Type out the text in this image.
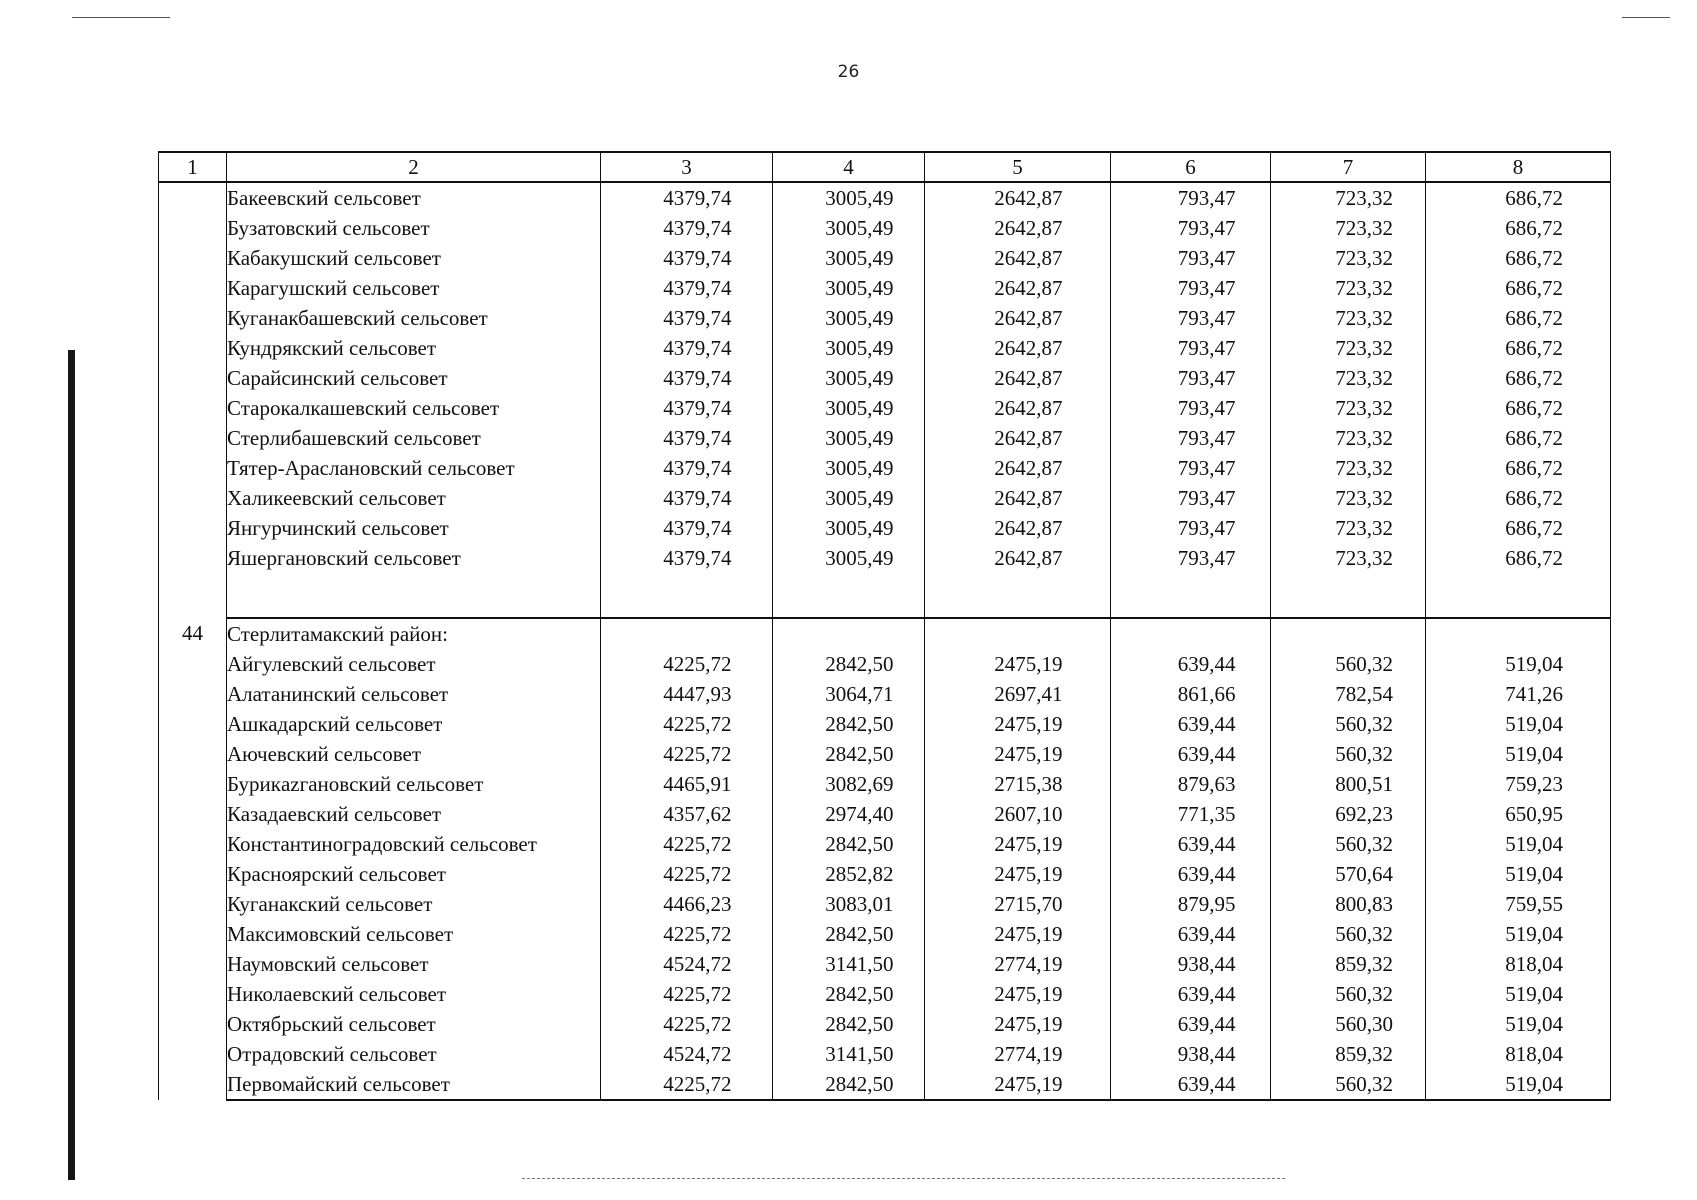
26
1	2	3	4	5	6	7	8
	Бакеевский сельсовет	4379,74	3005,49	2642,87	793,47	723,32	686,72
	Бузатовский сельсовет	4379,74	3005,49	2642,87	793,47	723,32	686,72
	Кабакушский сельсовет	4379,74	3005,49	2642,87	793,47	723,32	686,72
	Карагушский сельсовет	4379,74	3005,49	2642,87	793,47	723,32	686,72
	Куганакбашевский сельсовет	4379,74	3005,49	2642,87	793,47	723,32	686,72
	Кундрякский сельсовет	4379,74	3005,49	2642,87	793,47	723,32	686,72
	Сарайсинский сельсовет	4379,74	3005,49	2642,87	793,47	723,32	686,72
	Старокалкашевский сельсовет	4379,74	3005,49	2642,87	793,47	723,32	686,72
	Стерлибашевский сельсовет	4379,74	3005,49	2642,87	793,47	723,32	686,72
	Тятер-Араслановский сельсовет	4379,74	3005,49	2642,87	793,47	723,32	686,72
	Халикеевский сельсовет	4379,74	3005,49	2642,87	793,47	723,32	686,72
	Янгурчинский сельсовет	4379,74	3005,49	2642,87	793,47	723,32	686,72
	Яшергановский сельсовет	4379,74	3005,49	2642,87	793,47	723,32	686,72

44	Стерлитамакский район:						
	Айгулевский сельсовет	4225,72	2842,50	2475,19	639,44	560,32	519,04
	Алатанинский сельсовет	4447,93	3064,71	2697,41	861,66	782,54	741,26
	Ашкадарский сельсовет	4225,72	2842,50	2475,19	639,44	560,32	519,04
	Аючевский сельсовет	4225,72	2842,50	2475,19	639,44	560,32	519,04
	Бурикazгановский сельсовет	4465,91	3082,69	2715,38	879,63	800,51	759,23
	Казадаевский сельсовет	4357,62	2974,40	2607,10	771,35	692,23	650,95
	Константиноградовский сельсовет	4225,72	2842,50	2475,19	639,44	560,32	519,04
	Красноярский сельсовет	4225,72	2852,82	2475,19	639,44	570,64	519,04
	Куганакский сельсовет	4466,23	3083,01	2715,70	879,95	800,83	759,55
	Максимовский сельсовет	4225,72	2842,50	2475,19	639,44	560,32	519,04
	Наумовский сельсовет	4524,72	3141,50	2774,19	938,44	859,32	818,04
	Николаевский сельсовет	4225,72	2842,50	2475,19	639,44	560,32	519,04
	Октябрьский сельсовет	4225,72	2842,50	2475,19	639,44	560,30	519,04
	Отрадовский сельсовет	4524,72	3141,50	2774,19	938,44	859,32	818,04
	Первомайский сельсовет	4225,72	2842,50	2475,19	639,44	560,32	519,04
